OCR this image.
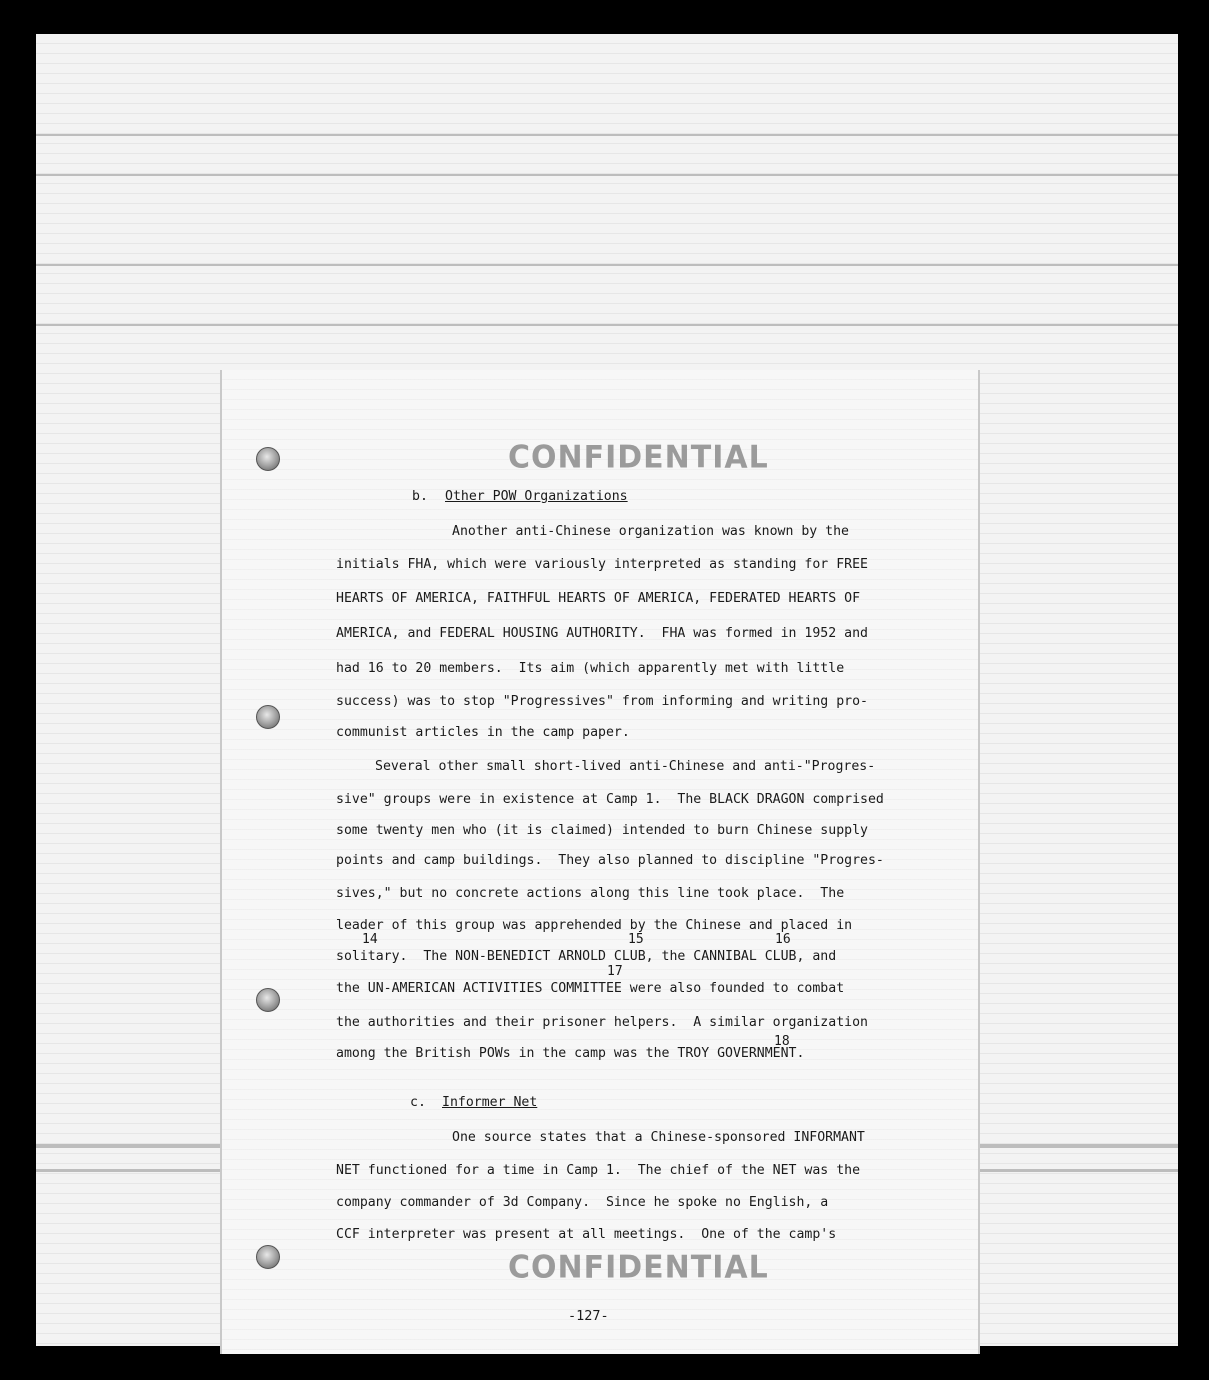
CONFIDENTIAL
b. Other POW Organizations
Another anti-Chinese organization was known by the
initials FHA, which were variously interpreted as standing for FREE
HEARTS OF AMERICA, FAITHFUL HEARTS OF AMERICA, FEDERATED HEARTS OF
AMERICA, and FEDERAL HOUSING AUTHORITY.  FHA was formed in 1952 and
had 16 to 20 members.  Its aim (which apparently met with little
success) was to stop "Progressives" from informing and writing pro-
communist articles in the camp paper.
Several other small short-lived anti-Chinese and anti-"Progres-
sive" groups were in existence at Camp 1.  The BLACK DRAGON comprised
some twenty men who (it is claimed) intended to burn Chinese supply
points and camp buildings.  They also planned to discipline "Progres-
sives," but no concrete actions along this line took place.  The
leader of this group was apprehended by the Chinese and placed in
14	15	16
solitary.  The NON-BENEDICT ARNOLD CLUB, the CANNIBAL CLUB, and
17
the UN-AMERICAN ACTIVITIES COMMITTEE were also founded to combat
the authorities and their prisoner helpers.  A similar organization
18
among the British POWs in the camp was the TROY GOVERNMENT.
c. Informer Net
One source states that a Chinese-sponsored INFORMANT
NET functioned for a time in Camp 1.  The chief of the NET was the
company commander of 3d Company.  Since he spoke no English, a
CCF interpreter was present at all meetings.  One of the camp's
CONFIDENTIAL
-127-
